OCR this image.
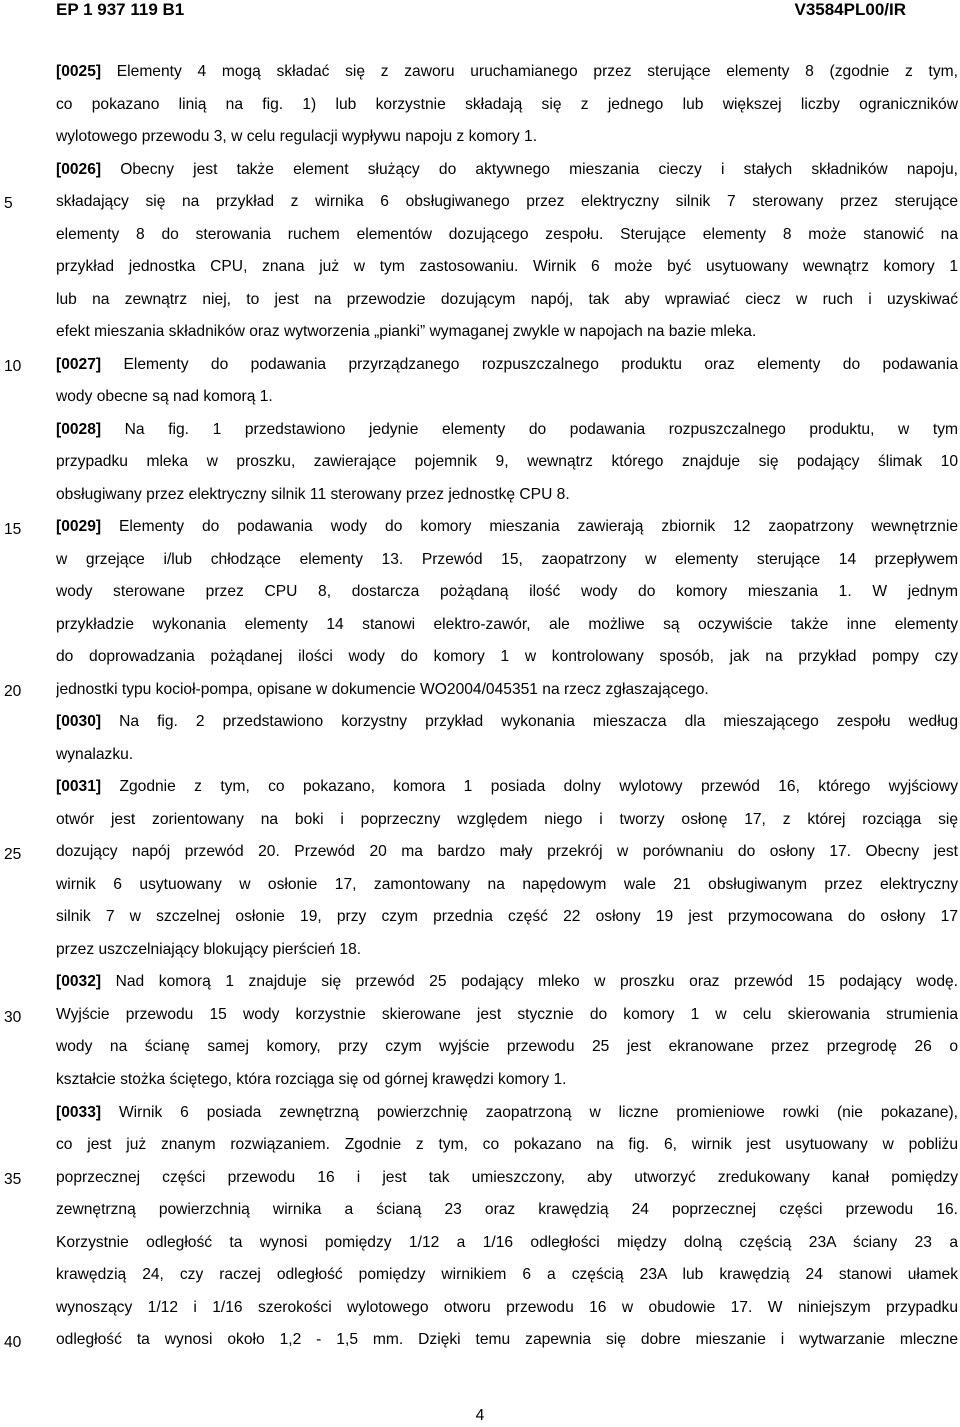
EP 1 937 119 B1	V3584PL00/IR
[0025] Elementy 4 mogą składać się z zaworu uruchamianego przez sterujące elementy 8 (zgodnie z tym,
co pokazano linią na fig. 1) lub korzystnie składają się z jednego lub większej liczby ograniczników
wylotowego przewodu 3, w celu regulacji wypływu napoju z komory 1.
[0026] Obecny jest także element służący do aktywnego mieszania cieczy i stałych składników napoju,
składający się na przykład z wirnika 6 obsługiwanego przez elektryczny silnik 7 sterowany przez sterujące
elementy 8 do sterowania ruchem elementów dozującego zespołu. Sterujące elementy 8 może stanowić na
przykład jednostka CPU, znana już w tym zastosowaniu. Wirnik 6 może być usytuowany wewnątrz komory 1
lub na zewnątrz niej, to jest na przewodzie dozującym napój, tak aby wprawiać ciecz w ruch i uzyskiwać
efekt mieszania składników oraz wytworzenia „pianki” wymaganej zwykle w napojach na bazie mleka.
[0027] Elementy do podawania przyrządzanego rozpuszczalnego produktu oraz elementy do podawania
wody obecne są nad komorą 1.
[0028] Na fig. 1 przedstawiono jedynie elementy do podawania rozpuszczalnego produktu, w tym
przypadku mleka w proszku, zawierające pojemnik 9, wewnątrz którego znajduje się podający ślimak 10
obsługiwany przez elektryczny silnik 11 sterowany przez jednostkę CPU 8.
[0029] Elementy do podawania wody do komory mieszania zawierają zbiornik 12 zaopatrzony wewnętrznie
w grzejące i/lub chłodzące elementy 13. Przewód 15, zaopatrzony w elementy sterujące 14 przepływem
wody sterowane przez CPU 8, dostarcza pożądaną ilość wody do komory mieszania 1. W jednym
przykładzie wykonania elementy 14 stanowi elektro-zawór, ale możliwe są oczywiście także inne elementy
do doprowadzania pożądanej ilości wody do komory 1 w kontrolowany sposób, jak na przykład pompy czy
jednostki typu kocioł-pompa, opisane w dokumencie WO2004/045351 na rzecz zgłaszającego.
[0030] Na fig. 2 przedstawiono korzystny przykład wykonania mieszacza dla mieszającego zespołu według
wynalazku.
[0031] Zgodnie z tym, co pokazano, komora 1 posiada dolny wylotowy przewód 16, którego wyjściowy
otwór jest zorientowany na boki i poprzeczny względem niego i tworzy osłonę 17, z której rozciąga się
dozujący napój przewód 20. Przewód 20 ma bardzo mały przekrój w porównaniu do osłony 17. Obecny jest
wirnik 6 usytuowany w osłonie 17, zamontowany na napędowym wale 21 obsługiwanym przez elektryczny
silnik 7 w szczelnej osłonie 19, przy czym przednia część 22 osłony 19 jest przymocowana do osłony 17
przez uszczelniający blokujący pierścień 18.
[0032] Nad komorą 1 znajduje się przewód 25 podający mleko w proszku oraz przewód 15 podający wodę.
Wyjście przewodu 15 wody korzystnie skierowane jest stycznie do komory 1 w celu skierowania strumienia
wody na ścianę samej komory, przy czym wyjście przewodu 25 jest ekranowane przez przegrodę 26 o
kształcie stożka ściętego, która rozciąga się od górnej krawędzi komory 1.
[0033] Wirnik 6 posiada zewnętrzną powierzchnię zaopatrzoną w liczne promieniowe rowki (nie pokazane),
co jest już znanym rozwiązaniem. Zgodnie z tym, co pokazano na fig. 6, wirnik jest usytuowany w pobliżu
poprzecznej części przewodu 16 i jest tak umieszczony, aby utworzyć zredukowany kanał pomiędzy
zewnętrzną powierzchnią wirnika a ścianą 23 oraz krawędzią 24 poprzecznej części przewodu 16.
Korzystnie odległość ta wynosi pomiędzy 1/12 a 1/16 odległości między dolną częścią 23A ściany 23 a
krawędzią 24, czy raczej odległość pomiędzy wirnikiem 6 a częścią 23A lub krawędzią 24 stanowi ułamek
wynoszący 1/12 i 1/16 szerokości wylotowego otworu przewodu 16 w obudowie 17. W niniejszym przypadku
odległość ta wynosi około 1,2 - 1,5 mm. Dzięki temu zapewnia się dobre mieszanie i wytwarzanie mleczne
5
10
15
20
25
30
35
40
4
